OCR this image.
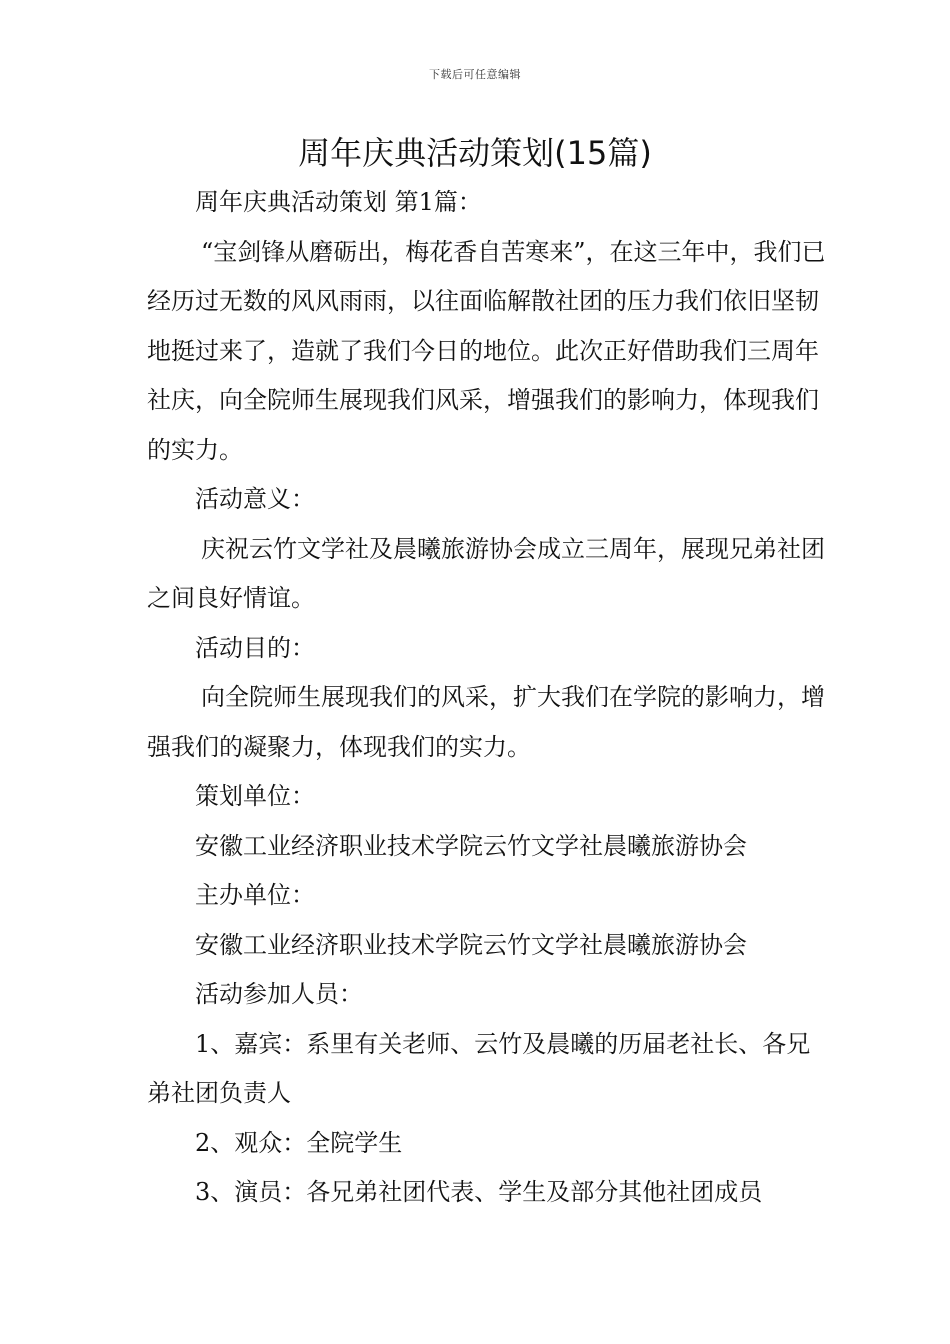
下载后可任意编辑
周年庆典活动策划(15篇)

周年庆典活动策划 第1篇：

“宝剑锋从磨砺出，梅花香自苦寒来”，在这三年中，我们已经历过无数的风风雨雨，以往面临解散社团的压力我们依旧坚韧地挺过来了，造就了我们今日的地位。此次正好借助我们三周年社庆，向全院师生展现我们风采，增强我们的影响力，体现我们的实力。

活动意义：

庆祝云竹文学社及晨曦旅游协会成立三周年，展现兄弟社团之间良好情谊。

活动目的：

向全院师生展现我们的风采，扩大我们在学院的影响力，增强我们的凝聚力，体现我们的实力。

策划单位：

安徽工业经济职业技术学院云竹文学社晨曦旅游协会

主办单位：

安徽工业经济职业技术学院云竹文学社晨曦旅游协会

活动参加人员：

1、嘉宾：系里有关老师、云竹及晨曦的历届老社长、各兄弟社团负责人

2、观众：全院学生

3、演员：各兄弟社团代表、学生及部分其他社团成员
